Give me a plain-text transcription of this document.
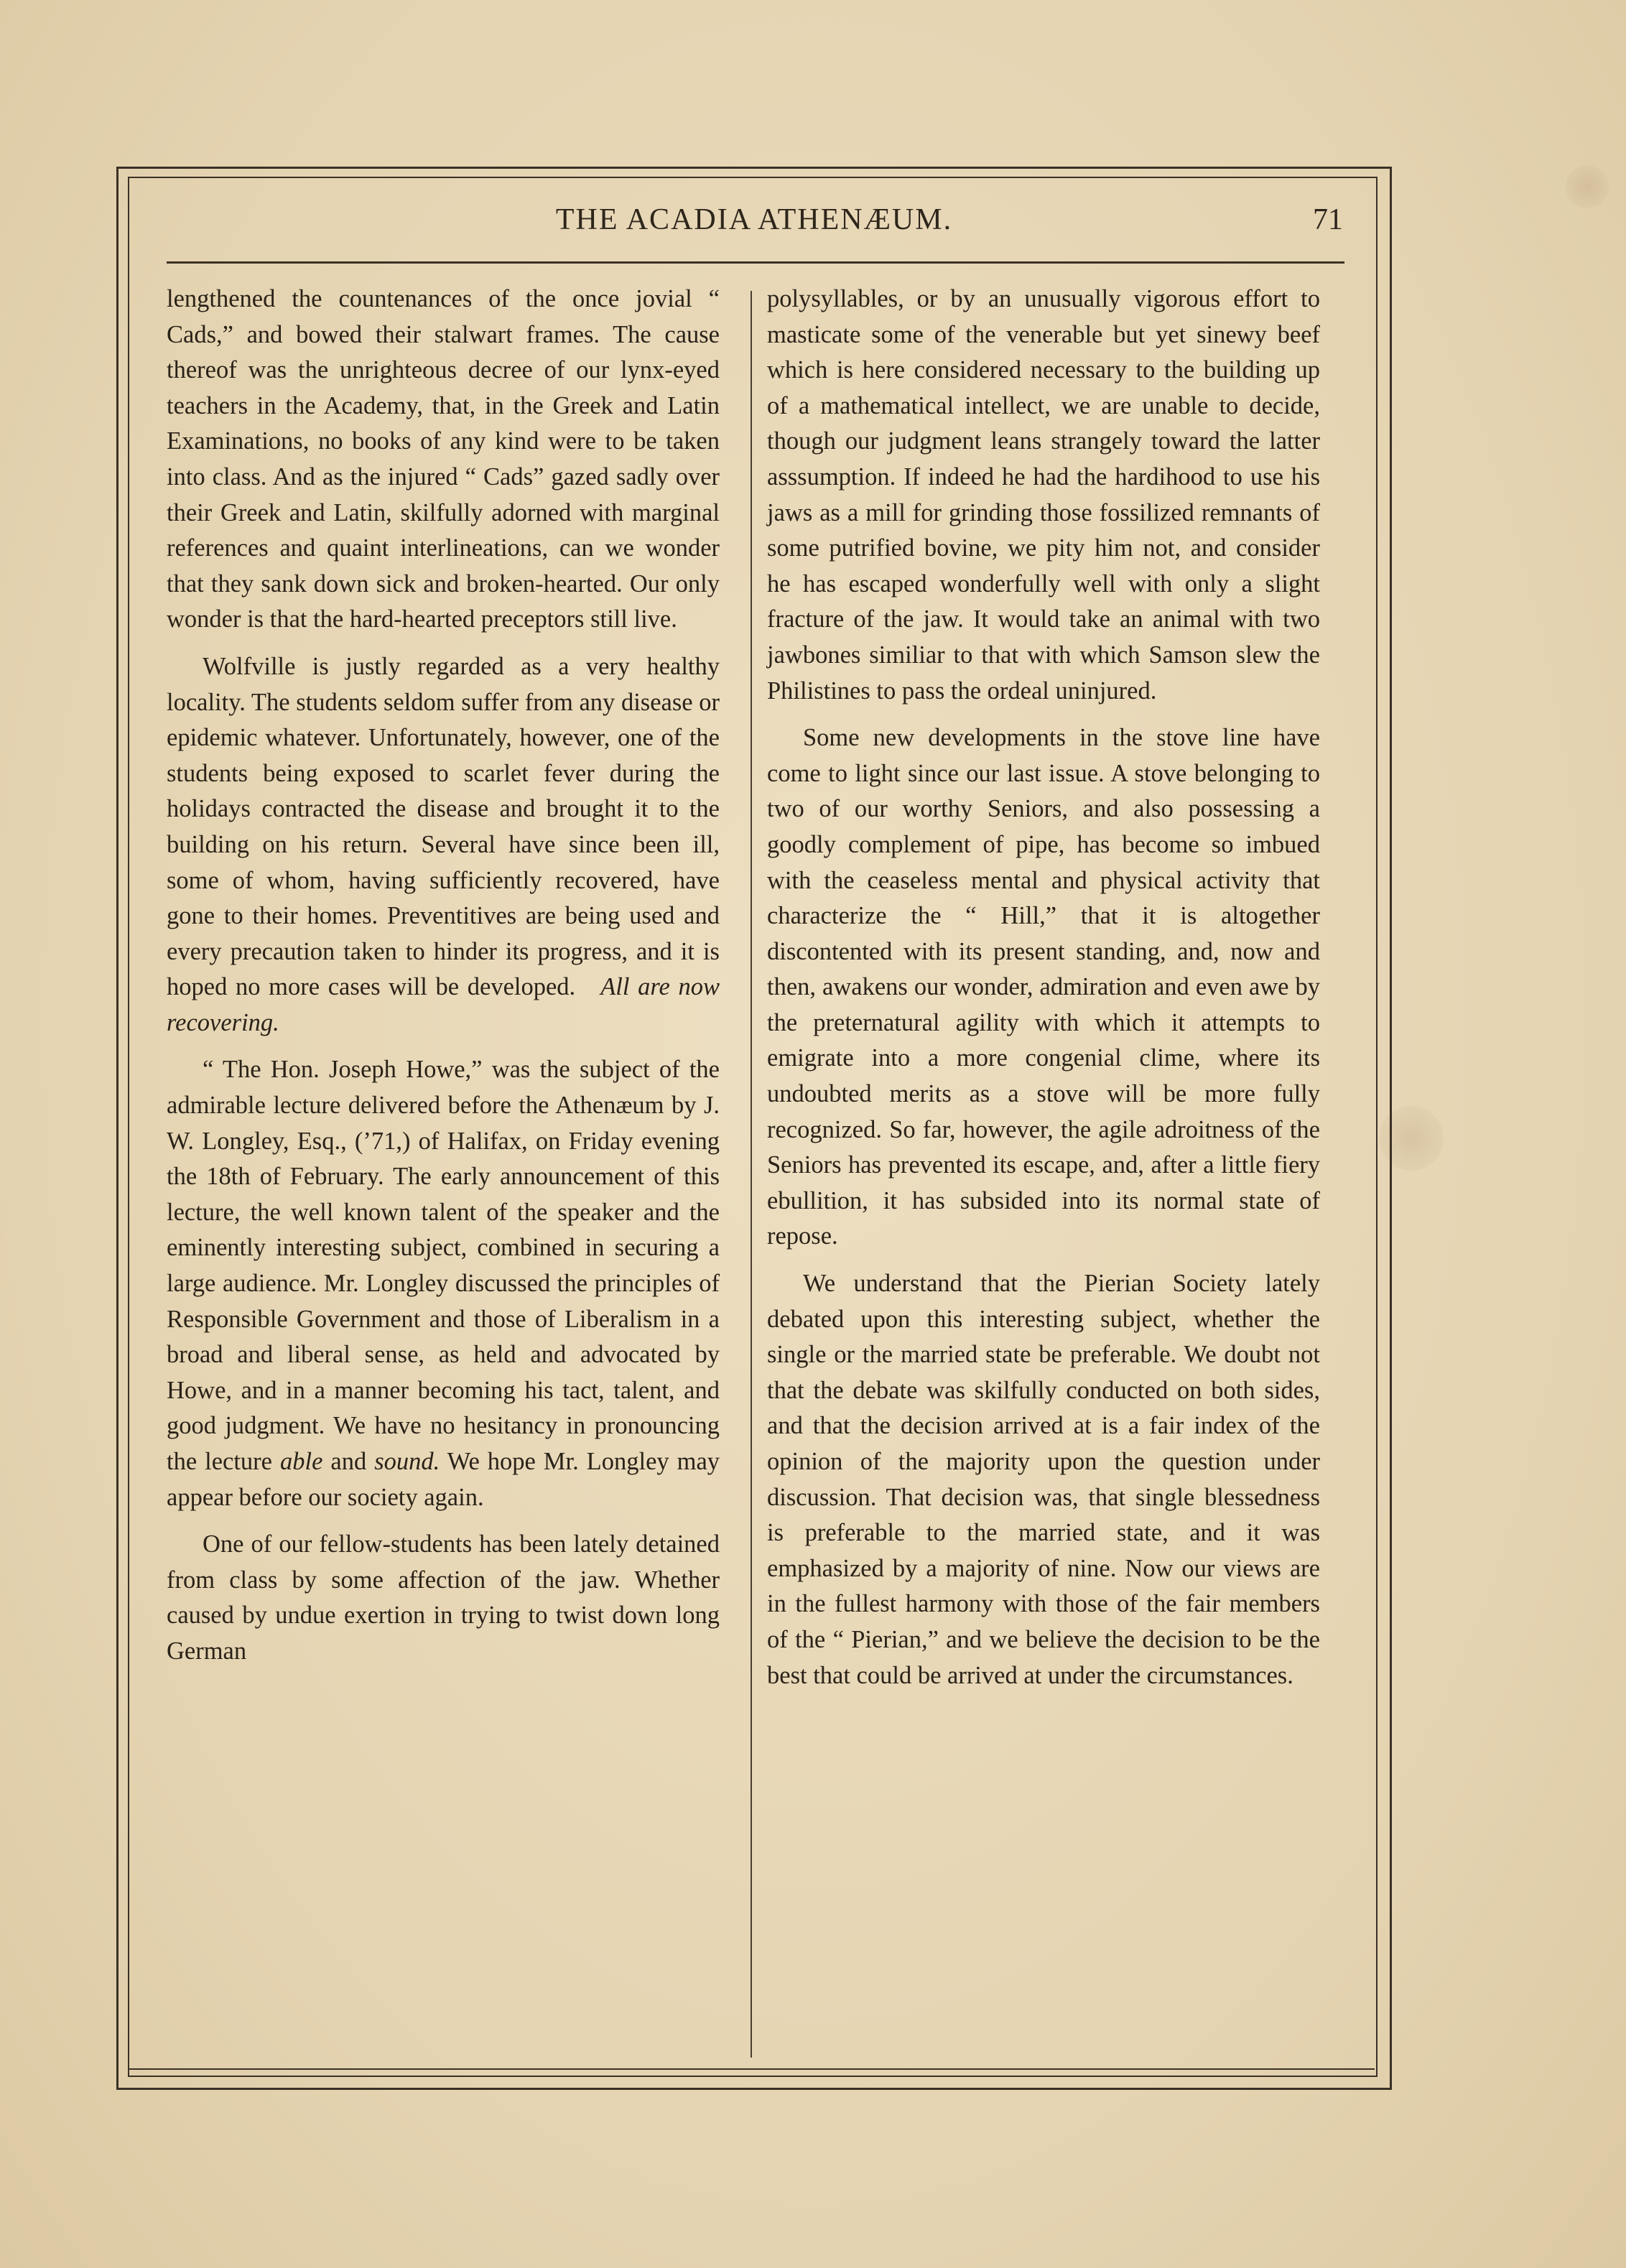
THE ACADIA ATHENÆUM.	71

lengthened the countenances of the once jovial “ Cads,” and bowed their stalwart frames. The cause thereof was the unrighteous decree of our lynx-eyed teachers in the Academy, that, in the Greek and Latin Examinations, no books of any kind were to be taken into class. And as the injured “ Cads” gazed sadly over their Greek and Latin, skilfully adorned with marginal references and quaint interlineations, can we wonder that they sank down sick and broken-hearted. Our only wonder is that the hard-hearted preceptors still live.

Wolfville is justly regarded as a very healthy locality. The students seldom suffer from any disease or epidemic whatever. Unfortunately, however, one of the students being exposed to scarlet fever during the holidays contracted the disease and brought it to the building on his return. Several have since been ill, some of whom, having sufficiently recovered, have gone to their homes. Preventitives are being used and every precaution taken to hinder its progress, and it is hoped no more cases will be developed. All are now recovering.

“ The Hon. Joseph Howe,” was the subject of the admirable lecture delivered before the Athenæum by J. W. Longley, Esq., (’71,) of Halifax, on Friday evening the 18th of February. The early announcement of this lecture, the well known talent of the speaker and the eminently interesting subject, combined in securing a large audience. Mr. Longley discussed the principles of Responsible Government and those of Liberalism in a broad and liberal sense, as held and advocated by Howe, and in a manner becoming his tact, talent, and good judgment. We have no hesitancy in pronouncing the lecture able and sound. We hope Mr. Longley may appear before our society again.

One of our fellow-students has been lately detained from class by some affection of the jaw. Whether caused by undue exertion in trying to twist down long German

polysyllables, or by an unusually vigorous effort to masticate some of the venerable but yet sinewy beef which is here considered necessary to the building up of a mathematical intellect, we are unable to decide, though our judgment leans strangely toward the latter asssumption. If indeed he had the hardihood to use his jaws as a mill for grinding those fossilized remnants of some putrified bovine, we pity him not, and consider he has escaped wonderfully well with only a slight fracture of the jaw. It would take an animal with two jawbones similiar to that with which Samson slew the Philistines to pass the ordeal uninjured.

Some new developments in the stove line have come to light since our last issue. A stove belonging to two of our worthy Seniors, and also possessing a goodly complement of pipe, has become so imbued with the ceaseless mental and physical activity that characterize the “ Hill,” that it is altogether discontented with its present standing, and, now and then, awakens our wonder, admiration and even awe by the preternatural agility with which it attempts to emigrate into a more congenial clime, where its undoubted merits as a stove will be more fully recognized. So far, however, the agile adroitness of the Seniors has prevented its escape, and, after a little fiery ebullition, it has subsided into its normal state of repose.

We understand that the Pierian Society lately debated upon this interesting subject, whether the single or the married state be preferable. We doubt not that the debate was skilfully conducted on both sides, and that the decision arrived at is a fair index of the opinion of the majority upon the question under discussion. That decision was, that single blessedness is preferable to the married state, and it was emphasized by a majority of nine. Now our views are in the fullest harmony with those of the fair members of the “ Pierian,” and we believe the decision to be the best that could be arrived at under the circumstances.
